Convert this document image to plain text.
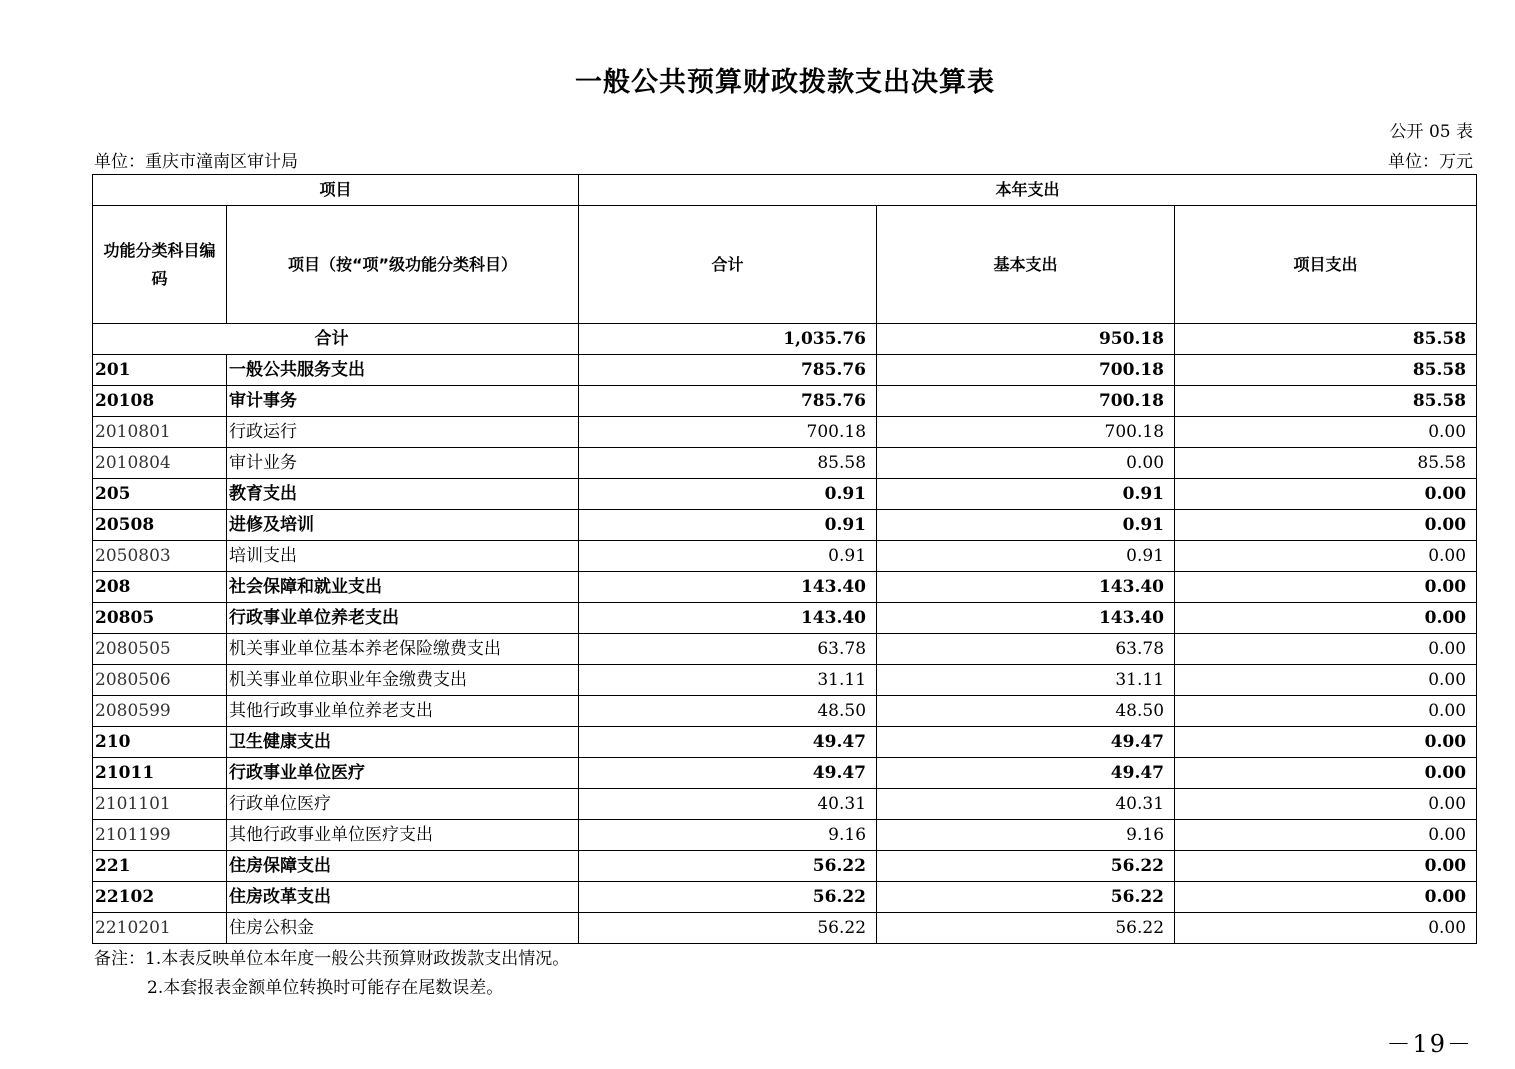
一般公共预算财政拨款支出决算表
公开 05 表
单位：重庆市潼南区审计局	单位：万元
项目		本年支出		
功能分类科目编码	项目（按“项”级功能分类科目）	合计	基本支出	项目支出
合计		1,035.76	950.18	85.58
201	一般公共服务支出	785.76	700.18	85.58
20108	审计事务	785.76	700.18	85.58
2010801	行政运行	700.18	700.18	0.00
2010804	审计业务	85.58	0.00	85.58
205	教育支出	0.91	0.91	0.00
20508	进修及培训	0.91	0.91	0.00
2050803	培训支出	0.91	0.91	0.00
208	社会保障和就业支出	143.40	143.40	0.00
20805	行政事业单位养老支出	143.40	143.40	0.00
2080505	机关事业单位基本养老保险缴费支出	63.78	63.78	0.00
2080506	机关事业单位职业年金缴费支出	31.11	31.11	0.00
2080599	其他行政事业单位养老支出	48.50	48.50	0.00
210	卫生健康支出	49.47	49.47	0.00
21011	行政事业单位医疗	49.47	49.47	0.00
2101101	行政单位医疗	40.31	40.31	0.00
2101199	其他行政事业单位医疗支出	9.16	9.16	0.00
221	住房保障支出	56.22	56.22	0.00
22102	住房改革支出	56.22	56.22	0.00
2210201	住房公积金	56.22	56.22	0.00
备注：1.本表反映单位本年度一般公共预算财政拨款支出情况。
2.本套报表金额单位转换时可能存在尾数误差。
－19－
